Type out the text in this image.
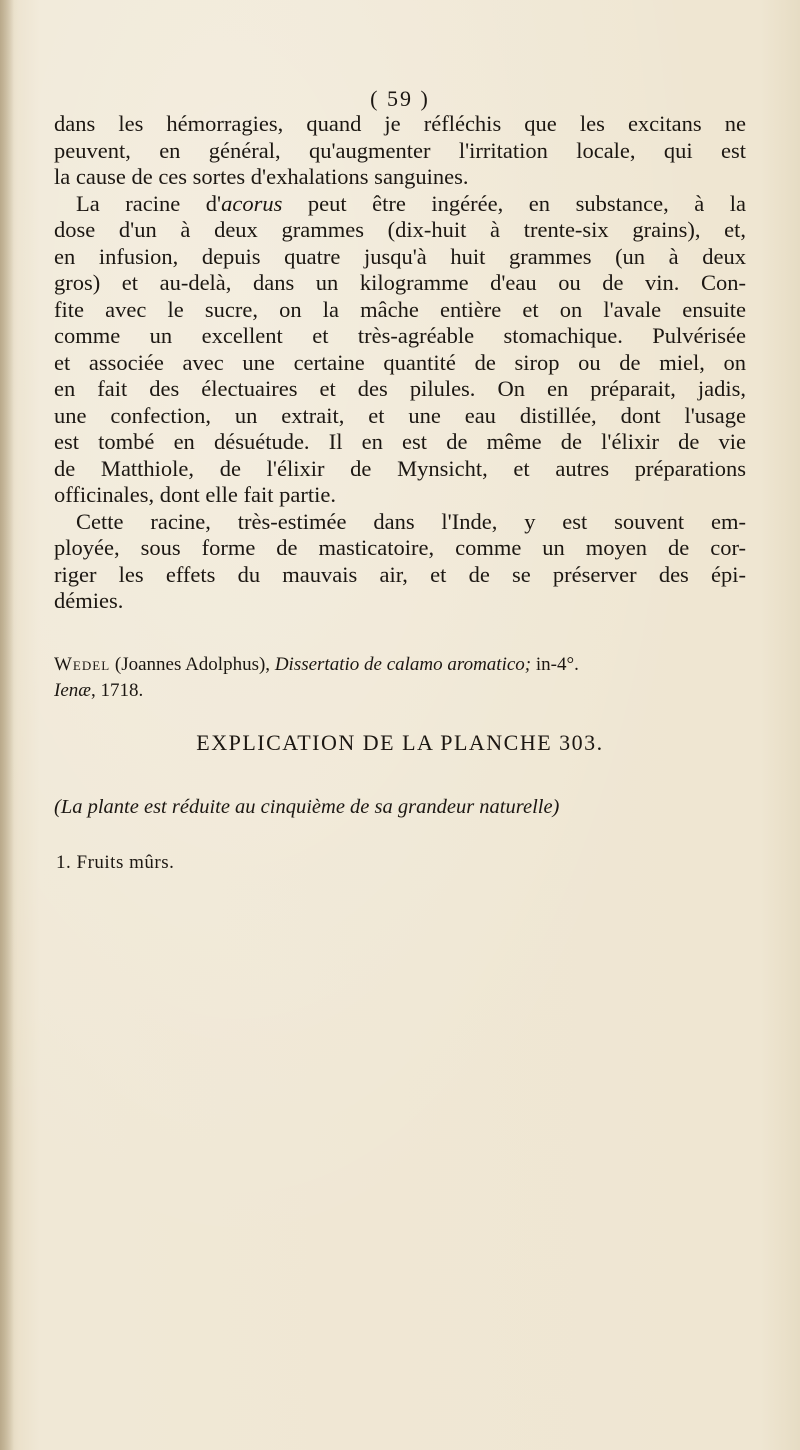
( 59 )

dans les hémorragies, quand je réfléchis que les excitans ne
peuvent, en général, qu'augmenter l'irritation locale, qui est
la cause de ces sortes d'exhalations sanguines.

La racine d'acorus peut être ingérée, en substance, à la
dose d'un à deux grammes (dix-huit à trente-six grains), et,
en infusion, depuis quatre jusqu'à huit grammes (un à deux
gros) et au-delà, dans un kilogramme d'eau ou de vin. Con-
fite avec le sucre, on la mâche entière et on l'avale ensuite
comme un excellent et très-agréable stomachique. Pulvérisée
et associée avec une certaine quantité de sirop ou de miel, on
en fait des électuaires et des pilules. On en préparait, jadis,
une confection, un extrait, et une eau distillée, dont l'usage
est tombé en désuétude. Il en est de même de l'élixir de vie
de Matthiole, de l'élixir de Mynsicht, et autres préparations
officinales, dont elle fait partie.

Cette racine, très-estimée dans l'Inde, y est souvent em-
ployée, sous forme de masticatoire, comme un moyen de cor-
riger les effets du mauvais air, et de se préserver des épi-
démies.

Wedel (Joannes Adolphus), Dissertatio de calamo aromatico; in-4°.
Ienæ, 1718.
EXPLICATION DE LA PLANCHE 303.
(La plante est réduite au cinquième de sa grandeur naturelle)
1. Fruits mûrs.
